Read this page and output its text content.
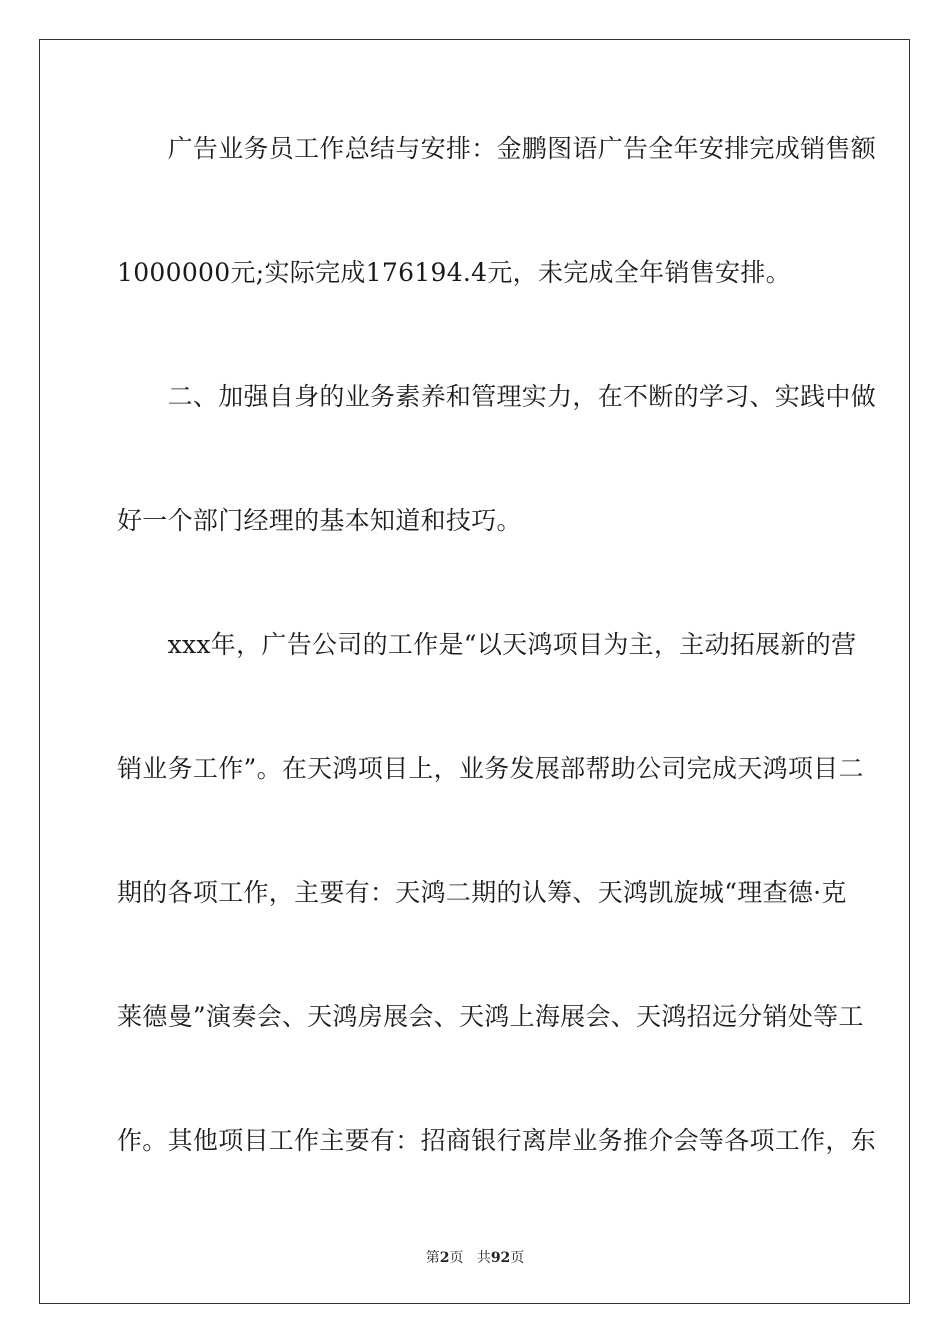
　　广告业务员工作总结与安排：金鹏图语广告全年安排完成销售额
1000000元;实际完成176194.4元，未完成全年销售安排。
　　二、加强自身的业务素养和管理实力，在不断的学习、实践中做
好一个部门经理的基本知道和技巧。
　　xxx年，广告公司的工作是“以天鸿项目为主，主动拓展新的营
销业务工作”。在天鸿项目上，业务发展部帮助公司完成天鸿项目二
期的各项工作，主要有：天鸿二期的认筹、天鸿凯旋城“理查德·克
莱德曼”演奏会、天鸿房展会、天鸿上海展会、天鸿招远分销处等工
作。其他项目工作主要有：招商银行离岸业务推介会等各项工作，东
第2页 共92页
